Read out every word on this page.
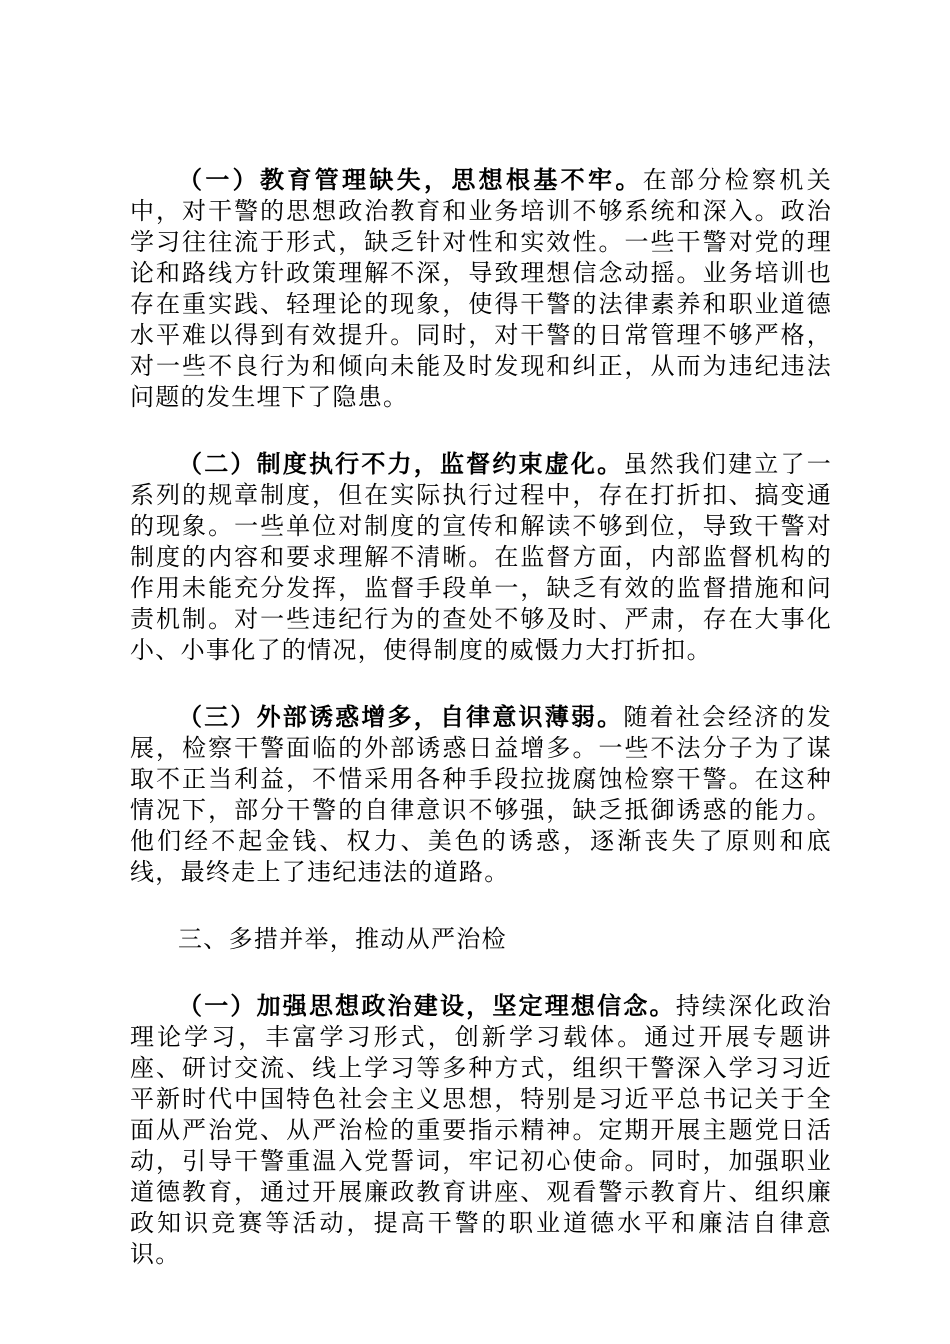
（一）教育管理缺失，思想根基不牢。在部分检察机关中，对干警的思想政治教育和业务培训不够系统和深入。政治学习往往流于形式，缺乏针对性和实效性。一些干警对党的理论和路线方针政策理解不深，导致理想信念动摇。业务培训也存在重实践、轻理论的现象，使得干警的法律素养和职业道德水平难以得到有效提升。同时，对干警的日常管理不够严格，对一些不良行为和倾向未能及时发现和纠正，从而为违纪违法问题的发生埋下了隐患。

（二）制度执行不力，监督约束虚化。虽然我们建立了一系列的规章制度，但在实际执行过程中，存在打折扣、搞变通的现象。一些单位对制度的宣传和解读不够到位，导致干警对制度的内容和要求理解不清晰。在监督方面，内部监督机构的作用未能充分发挥，监督手段单一，缺乏有效的监督措施和问责机制。对一些违纪行为的查处不够及时、严肃，存在大事化小、小事化了的情况，使得制度的威慑力大打折扣。

（三）外部诱惑增多，自律意识薄弱。随着社会经济的发展，检察干警面临的外部诱惑日益增多。一些不法分子为了谋取不正当利益，不惜采用各种手段拉拢腐蚀检察干警。在这种情况下，部分干警的自律意识不够强，缺乏抵御诱惑的能力。他们经不起金钱、权力、美色的诱惑，逐渐丧失了原则和底线，最终走上了违纪违法的道路。

三、多措并举，推动从严治检

（一）加强思想政治建设，坚定理想信念。持续深化政治理论学习，丰富学习形式，创新学习载体。通过开展专题讲座、研讨交流、线上学习等多种方式，组织干警深入学习习近平新时代中国特色社会主义思想，特别是习近平总书记关于全面从严治党、从严治检的重要指示精神。定期开展主题党日活动，引导干警重温入党誓词，牢记初心使命。同时，加强职业道德教育，通过开展廉政教育讲座、观看警示教育片、组织廉政知识竞赛等活动，提高干警的职业道德水平和廉洁自律意识。
